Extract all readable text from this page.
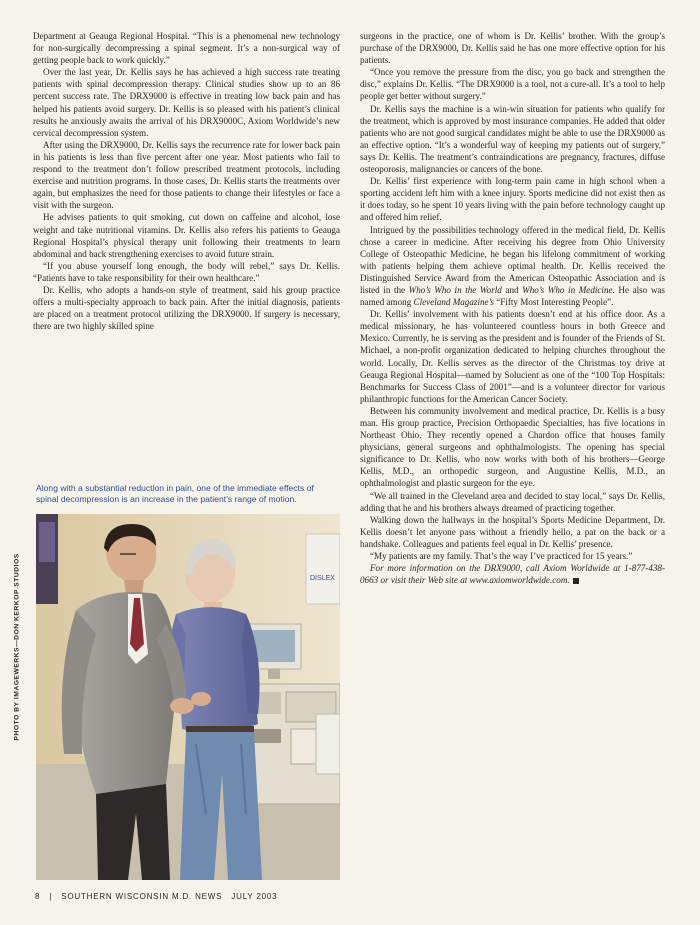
Department at Geauga Regional Hospital. “This is a phenomenal new technology for non-surgically decompressing a spinal segment. It’s a non-surgical way of getting people back to work quickly.”

Over the last year, Dr. Kellis says he has achieved a high success rate treating patients with spinal decompression therapy. Clinical studies show up to an 86 percent success rate. The DRX9000 is effective in treating low back pain and has helped his patients avoid surgery. Dr. Kellis is so pleased with his patient’s clinical results he anxiously awaits the arrival of his DRX9000C, Axiom Worldwide’s new cervical decompression system.

After using the DRX9000, Dr. Kellis says the recurrence rate for lower back pain in his patients is less than five percent after one year. Most patients who fail to respond to the treatment don’t follow prescribed treatment protocols, including exercise and nutrition programs. In those cases, Dr. Kellis starts the treatments over again, but emphasizes the need for those patients to change their lifestyles or face a visit with the surgeon.

He advises patients to quit smoking, cut down on caffeine and alcohol, lose weight and take nutritional vitamins. Dr. Kellis also refers his patients to Geauga Regional Hospital’s physical therapy unit following their treatments to learn abdominal and back strengthening exercises to avoid future strain.

“If you abuse yourself long enough, the body will rebel,” says Dr. Kellis. “Patients have to take responsibility for their own healthcare.”

Dr. Kellis, who adopts a hands-on style of treatment, said his group practice offers a multi-specialty approach to back pain. After the initial diagnosis, patients are placed on a treatment protocol utilizing the DRX9000. If surgery is necessary, there are two highly skilled spine

Along with a substantial reduction in pain, one of the immediate effects of spinal decompression is an increase in the patient’s range of motion.
PHOTO BY IMAGEWERKS—DON KERKOP STUDIOS	DISLEX

surgeons in the practice, one of whom is Dr. Kellis’ brother. With the group’s purchase of the DRX9000, Dr. Kellis said he has one more effective option for his patients.

“Once you remove the pressure from the disc, you go back and strengthen the disc,” explains Dr. Kellis. “The DRX9000 is a tool, not a cure-all. It’s a tool to help people get better without surgery.”

Dr. Kellis says the machine is a win-win situation for patients who qualify for the treatment, which is approved by most insurance companies. He added that older patients who are not good surgical candidates might be able to use the DRX9000 as an effective option. “It’s a wonderful way of keeping my patients out of surgery,” says Dr. Kellis. The treatment’s contraindications are pregnancy, fractures, diffuse osteoporosis, malignancies or cancers of the bone.

Dr. Kellis’ first experience with long-term pain came in high school when a sporting accident left him with a knee injury. Sports medicine did not exist then as it does today, so he spent 10 years living with the pain before technology caught up and offered him relief.

Intrigued by the possibilities technology offered in the medical field, Dr. Kellis chose a career in medicine. After receiving his degree from Ohio University College of Osteopathic Medicine, he began his lifelong commitment of working with patients helping them achieve optimal health. Dr. Kellis received the Distinguished Service Award from the American Osteopathic Association and is listed in the Who’s Who in the World and Who’s Who in Medicine. He also was named among Cleveland Magazine’s “Fifty Most Interesting People”.

Dr. Kellis’ involvement with his patients doesn’t end at his office door. As a medical missionary, he has volunteered countless hours in both Greece and Mexico. Currently, he is serving as the president and is founder of the Friends of St. Michael, a non-profit organization dedicated to helping churches throughout the world. Locally, Dr. Kellis serves as the director of the Christmas toy drive at Geauga Regional Hospital—named by Solucient as one of the “100 Top Hospitals: Benchmarks for Success Class of 2001”—and is a volunteer director for various philanthropic functions for the American Cancer Society.

Between his community involvement and medical practice, Dr. Kellis is a busy man. His group practice, Precision Orthopaedic Specialties, has five locations in Northeast Ohio. They recently opened a Chardon office that houses family physicians, general surgeons and ophthalmologists. The opening has special significance to Dr. Kellis, who now works with both of his brothers—George Kellis, M.D., an orthopedic surgeon, and Augustine Kellis, M.D., an ophthalmologist and plastic surgeon for the eye.

“We all trained in the Cleveland area and decided to stay local,” says Dr. Kellis, adding that he and his brothers always dreamed of practicing together.

Walking down the hallways in the hospital’s Sports Medicine Department, Dr. Kellis doesn’t let anyone pass without a friendly hello, a pat on the back or a handshake. Colleagues and patients feel equal in Dr. Kellis’ presence.

“My patients are my family. That’s the way I’ve practiced for 15 years.”

For more information on the DRX9000, call Axiom Worldwide at 1-877-438-0663 or visit their Web site at www.axiomworldwide.com.

8 | SOUTHERN WISCONSIN M.D. NEWS JULY 2003
